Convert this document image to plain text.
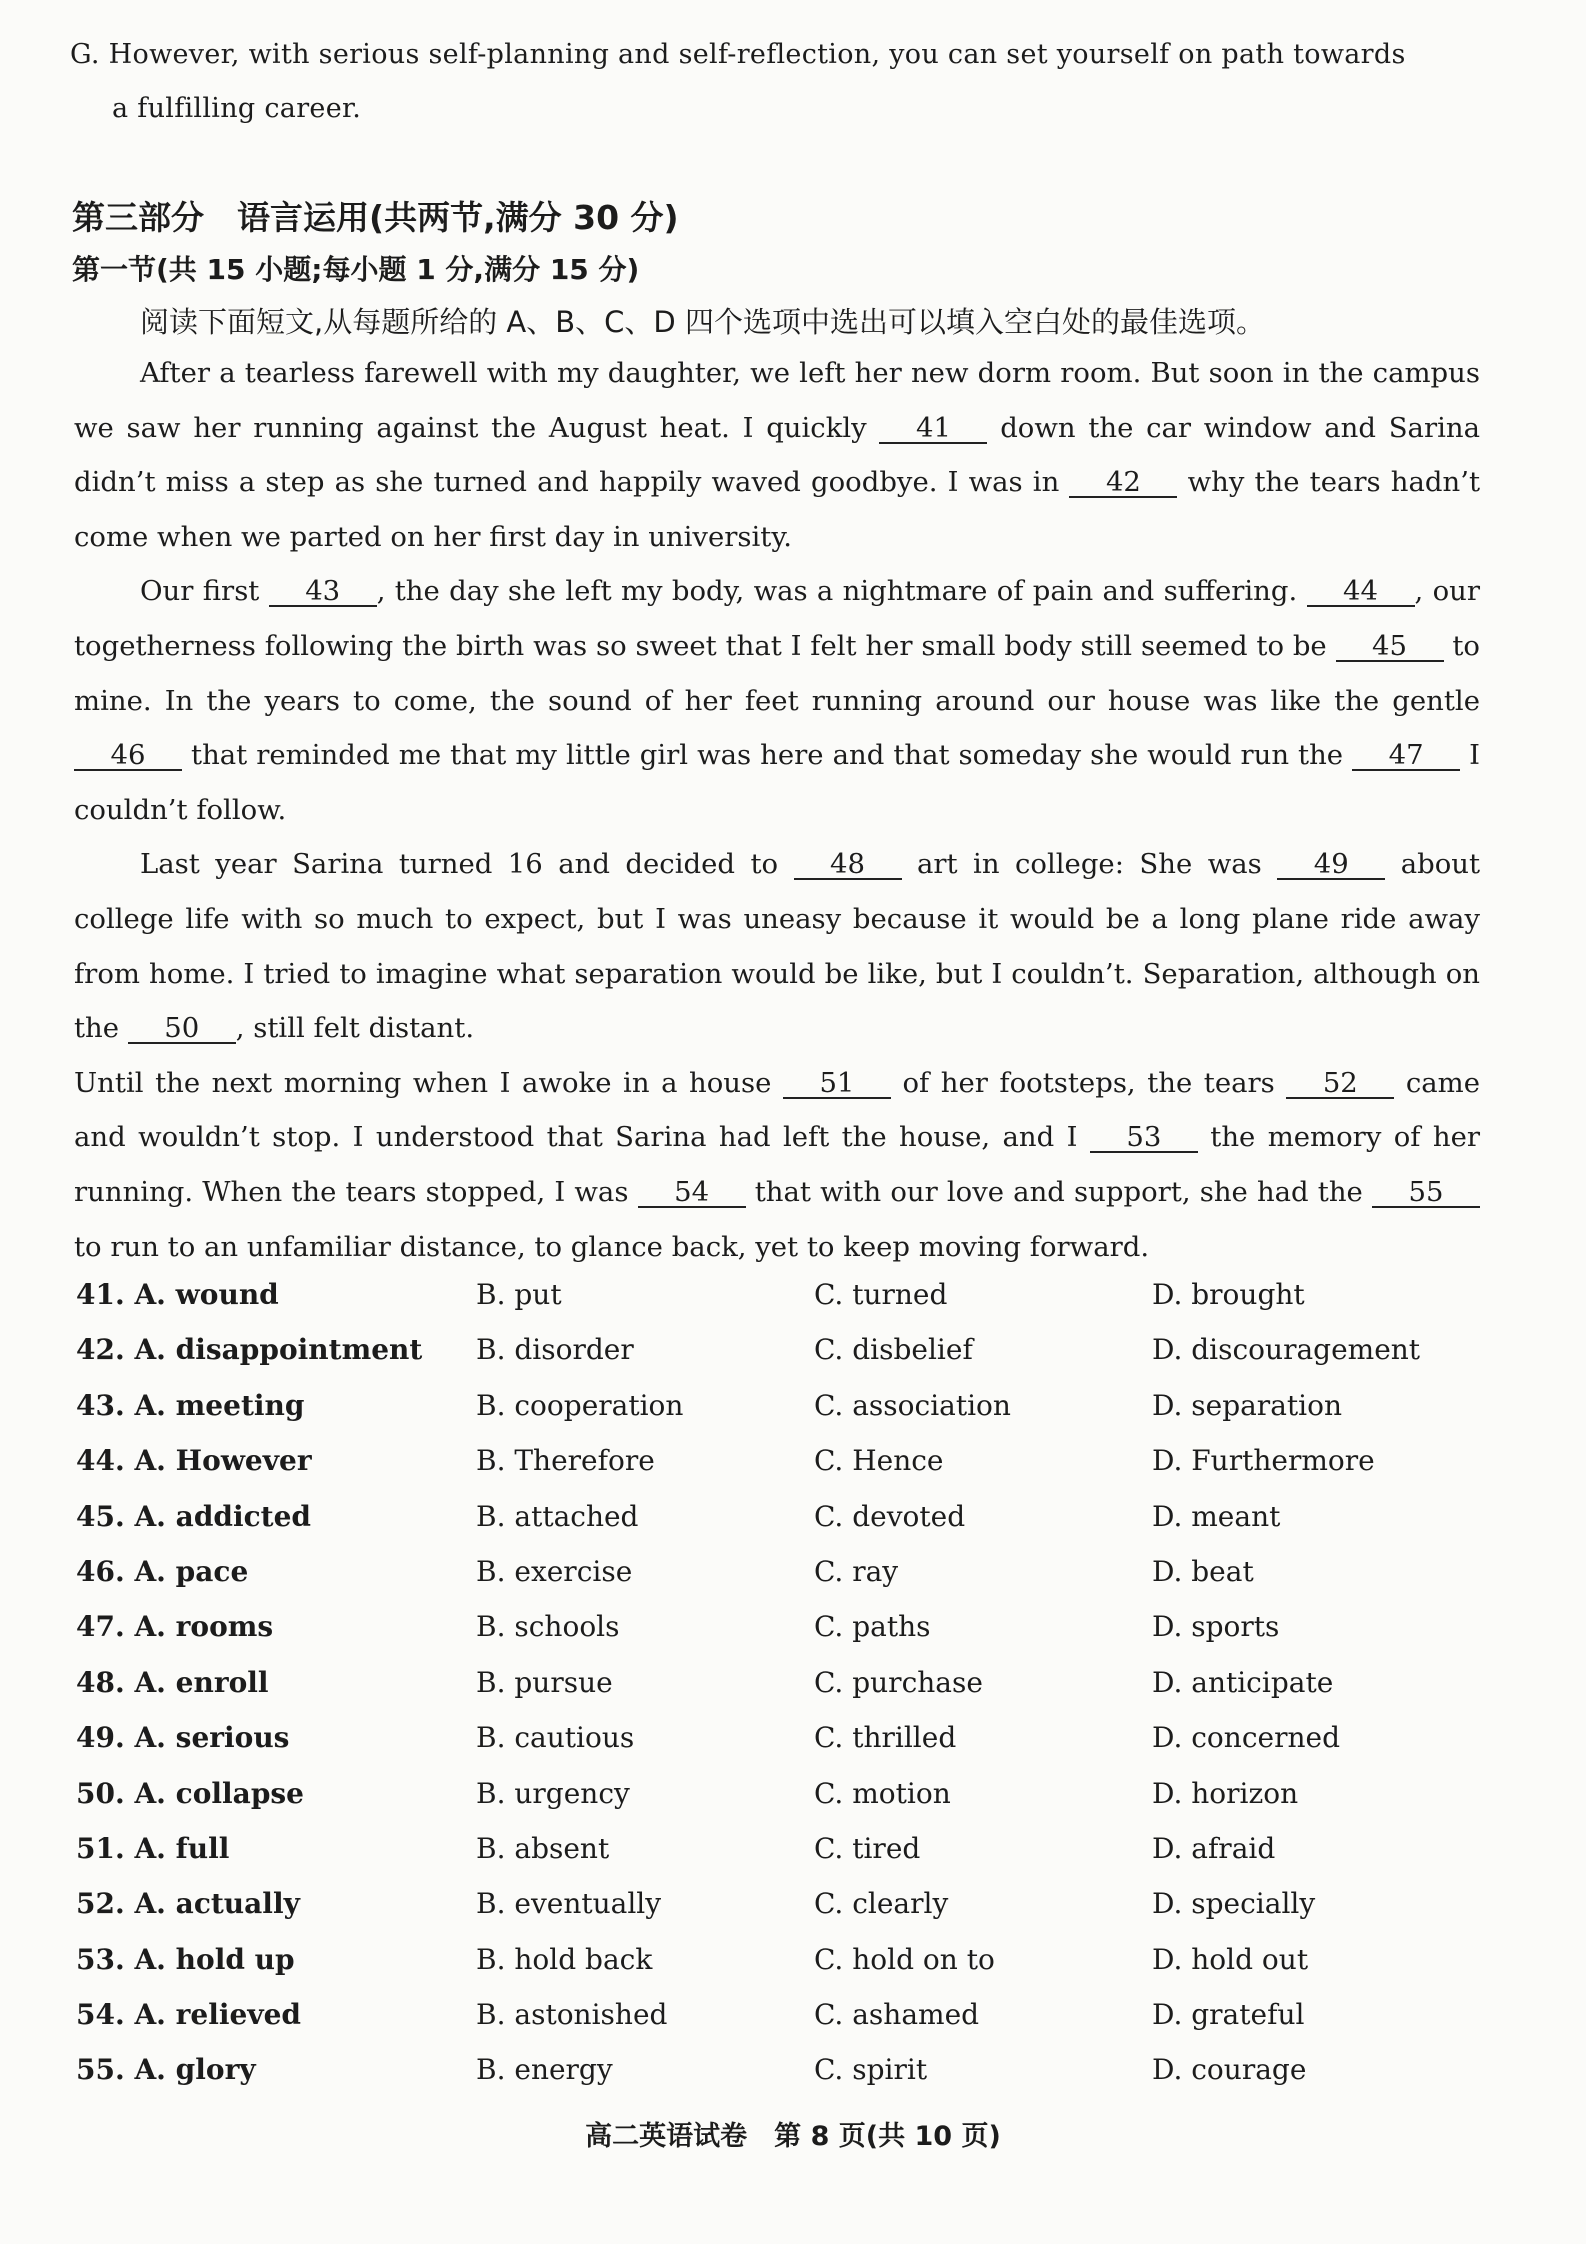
G. However, with serious self-planning and self-reflection, you can set yourself on path towards
a fulfilling career.
第三部分　语言运用(共两节,满分 30 分)
第一节(共 15 小题;每小题 1 分,满分 15 分)
阅读下面短文,从每题所给的 A、B、C、D 四个选项中选出可以填入空白处的最佳选项。

After a tearless farewell with my daughter, we left her new dorm room. But soon in the campus we saw her running against the August heat. I quickly 41 down the car window and Sarina didn’t miss a step as she turned and happily waved goodbye. I was in 42 why the tears hadn’t come when we parted on her first day in university.

Our first 43 , the day she left my body, was a nightmare of pain and suffering. 44 , our togetherness following the birth was so sweet that I felt her small body still seemed to be 45 to mine. In the years to come, the sound of her feet running around our house was like the gentle 46 that reminded me that my little girl was here and that someday she would run the 47 I couldn’t follow.

Last year Sarina turned 16 and decided to 48 art in college: She was 49 about college life with so much to expect, but I was uneasy because it would be a long plane ride away from home. I tried to imagine what separation would be like, but I couldn’t. Separation, although on the 50 , still felt distant.

Until the next morning when I awoke in a house 51 of her footsteps, the tears 52 came and wouldn’t stop. I understood that Sarina had left the house, and I 53 the memory of her running. When the tears stopped, I was 54 that with our love and support, she had the 55 to run to an unfamiliar distance, to glance back, yet to keep moving forward.

41. A. wound	B. put	C. turned	D. brought
42. A. disappointment B. disorder	C. disbelief	D. discouragement
43. A. meeting	B. cooperation	C. association	D. separation
44. A. However	B. Therefore	C. Hence	D. Furthermore
45. A. addicted	B. attached	C. devoted	D. meant
46. A. pace	B. exercise	C. ray	D. beat
47. A. rooms	B. schools	C. paths	D. sports
48. A. enroll	B. pursue	C. purchase	D. anticipate
49. A. serious	B. cautious	C. thrilled	D. concerned
50. A. collapse	B. urgency	C. motion	D. horizon
51. A. full	B. absent	C. tired	D. afraid
52. A. actually	B. eventually	C. clearly	D. specially
53. A. hold up	B. hold back	C. hold on to	D. hold out
54. A. relieved	B. astonished	C. ashamed	D. grateful
55. A. glory	B. energy	C. spirit	D. courage
高二英语试卷　第 8 页(共 10 页)
